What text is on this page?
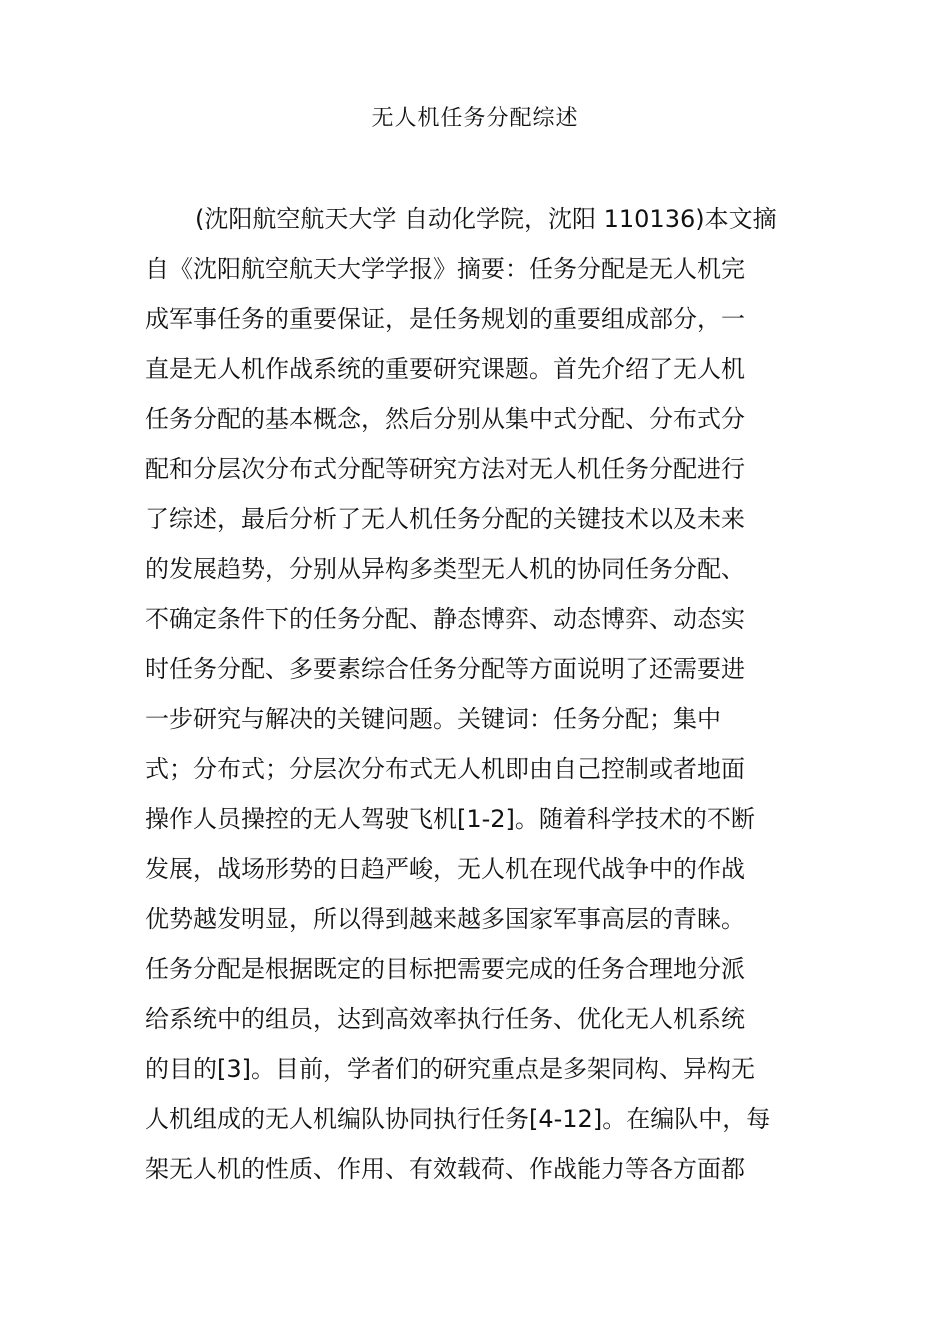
无人机任务分配综述
(沈阳航空航天大学 自动化学院，沈阳 110136)本文摘
自《沈阳航空航天大学学报》摘要：任务分配是无人机完
成军事任务的重要保证，是任务规划的重要组成部分，一
直是无人机作战系统的重要研究课题。首先介绍了无人机
任务分配的基本概念，然后分别从集中式分配、分布式分
配和分层次分布式分配等研究方法对无人机任务分配进行
了综述，最后分析了无人机任务分配的关键技术以及未来
的发展趋势，分别从异构多类型无人机的协同任务分配、
不确定条件下的任务分配、静态博弈、动态博弈、动态实
时任务分配、多要素综合任务分配等方面说明了还需要进
一步研究与解决的关键问题。关键词：任务分配；集中
式；分布式；分层次分布式无人机即由自己控制或者地面
操作人员操控的无人驾驶飞机[1-2]。随着科学技术的不断
发展，战场形势的日趋严峻，无人机在现代战争中的作战
优势越发明显，所以得到越来越多国家军事高层的青睐。
任务分配是根据既定的目标把需要完成的任务合理地分派
给系统中的组员，达到高效率执行任务、优化无人机系统
的目的[3]。目前，学者们的研究重点是多架同构、异构无
人机组成的无人机编队协同执行任务[4-12]。在编队中，每
架无人机的性质、作用、有效载荷、作战能力等各方面都
